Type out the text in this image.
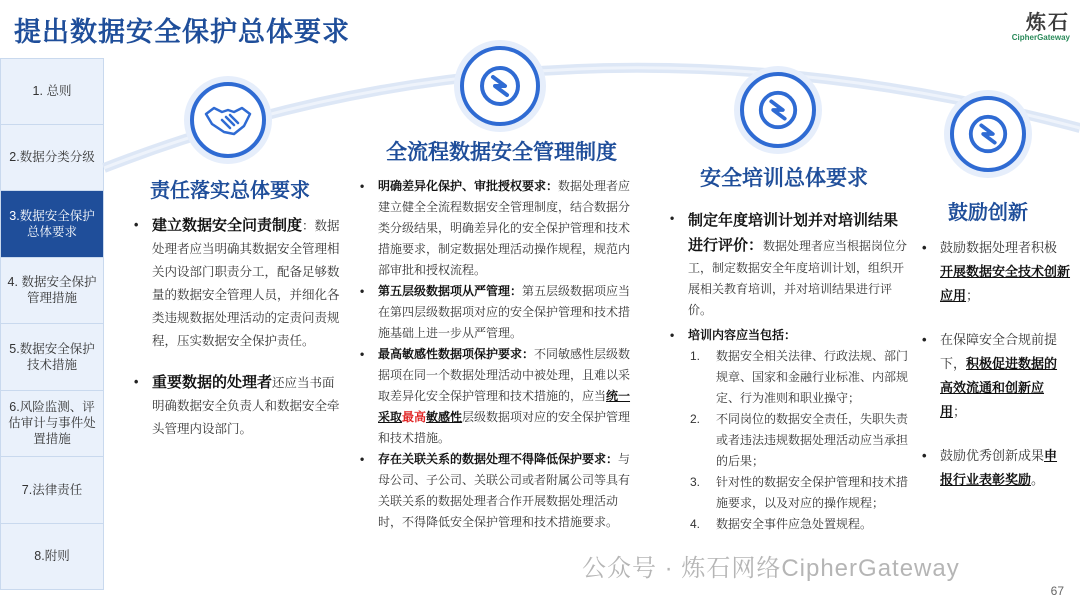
提出数据安全保护总体要求	炼石
CipherGateway
1. 总则
2.数据分类分级
3.数据安全保护总体要求
4. 数据安全保护管理措施
5.数据安全保护技术措施
6.风险监测、评估审计与事件处置措施
7.法律责任
8.附则
责任落实总体要求
全流程数据安全管理制度
安全培训总体要求
鼓励创新
• 建立数据安全问责制度：数据处理者应当明确其数据安全管理相关内设部门职责分工，配备足够数量的数据安全管理人员，并细化各类违规数据处理活动的定责问责规程，压实数据安全保护责任。
• 重要数据的处理者还应当书面明确数据安全负责人和数据安全牵头管理内设部门。
• 明确差异化保护、审批授权要求：数据处理者应建立健全全流程数据安全管理制度，结合数据分类分级结果，明确差异化的安全保护管理和技术措施要求，制定数据处理活动操作规程，规范内部审批和授权流程。
• 第五层级数据项从严管理：第五层级数据项应当在第四层级数据项对应的安全保护管理和技术措施基础上进一步从严管理。
• 最高敏感性数据项保护要求：不同敏感性层级数据项在同一个数据处理活动中被处理，且难以采取差异化安全保护管理和技术措施的，应当统一采取最高敏感性层级数据项对应的安全保护管理和技术措施。
• 存在关联关系的数据处理不得降低保护要求：与母公司、子公司、关联公司或者附属公司等具有关联关系的数据处理者合作开展数据处理活动时，不得降低安全保护管理和技术措施要求。
• 制定年度培训计划并对培训结果进行评价：数据处理者应当根据岗位分工，制定数据安全年度培训计划，组织开展相关教育培训，并对培训结果进行评价。
• 培训内容应当包括：
1. 数据安全相关法律、行政法规、部门规章、国家和金融行业标准、内部规定、行为准则和职业操守；
2. 不同岗位的数据安全责任，失职失责或者违法违规数据处理活动应当承担的后果；
3. 针对性的数据安全保护管理和技术措施要求，以及对应的操作规程；
4. 数据安全事件应急处置规程。
• 鼓励数据处理者积极开展数据安全技术创新应用；
• 在保障安全合规前提下，积极促进数据的高效流通和创新应用；
• 鼓励优秀创新成果申报行业表彰奖励。
公众号 · 炼石网络CipherGateway
67
